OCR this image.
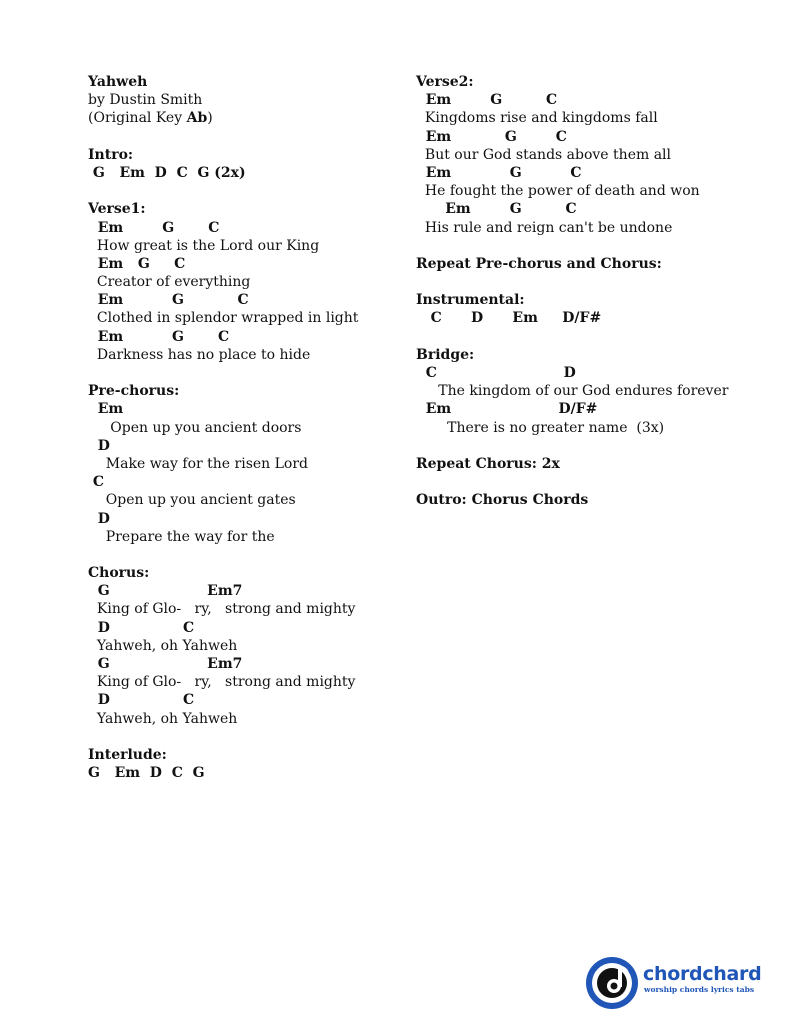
Yahweh
by Dustin Smith
(Original Key Ab)
Intro:
G   Em  D  C  G (2x)
Verse1:
Em        G       C
How great is the Lord our King
Em   G     C
Creator of everything
Em          G           C
Clothed in splendor wrapped in light
Em          G       C
Darkness has no place to hide
Pre-chorus:
Em
Open up you ancient doors
D
Make way for the risen Lord
C
Open up you ancient gates
D
Prepare the way for the
Chorus:
G                    Em7
King of Glo-   ry,   strong and mighty
D               C
Yahweh, oh Yahweh
G                    Em7
King of Glo-   ry,   strong and mighty
D               C
Yahweh, oh Yahweh
Interlude:
G   Em  D  C  G
Verse2:
Em        G         C
Kingdoms rise and kingdoms fall
Em           G        C
But our God stands above them all
Em            G          C
He fought the power of death and won
Em        G         C
His rule and reign can't be undone
Repeat Pre-chorus and Chorus:
Instrumental:
C      D      Em     D/F#
Bridge:
C                          D
The kingdom of our God endures forever
Em                      D/F#
There is no greater name  (3x)
Repeat Chorus: 2x
Outro: Chorus Chords
chordchard
worship chords lyrics tabs
